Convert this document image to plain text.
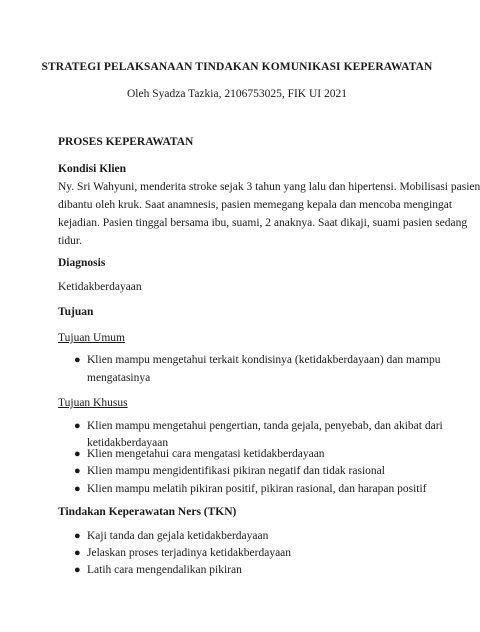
STRATEGI PELAKSANAAN TINDAKAN KOMUNIKASI KEPERAWATAN
Oleh Syadza Tazkia, 2106753025, FIK UI 2021
PROSES KEPERAWATAN
Kondisi Klien
Ny. Sri Wahyuni, menderita stroke sejak 3 tahun yang lalu dan hipertensi. Mobilisasi pasien
dibantu oleh kruk. Saat anamnesis, pasien memegang kepala dan mencoba mengingat
kejadian. Pasien tinggal bersama ibu, suami, 2 anaknya. Saat dikaji, suami pasien sedang
tidur.
Diagnosis
Ketidakberdayaan
Tujuan
Tujuan Umum
● Klien mampu mengetahui terkait kondisinya (ketidakberdayaan) dan mampu
mengatasinya
Tujuan Khusus
● Klien mampu mengetahui pengertian, tanda gejala, penyebab, dan akibat dari
ketidakberdayaan
● Klien mengetahui cara mengatasi ketidakberdayaan
● Klien mampu mengidentifikasi pikiran negatif dan tidak rasional
● Klien mampu melatih pikiran positif, pikiran rasional, dan harapan positif
Tindakan Keperawatan Ners (TKN)
● Kaji tanda dan gejala ketidakberdayaan
● Jelaskan proses terjadinya ketidakberdayaan
● Latih cara mengendalikan pikiran
